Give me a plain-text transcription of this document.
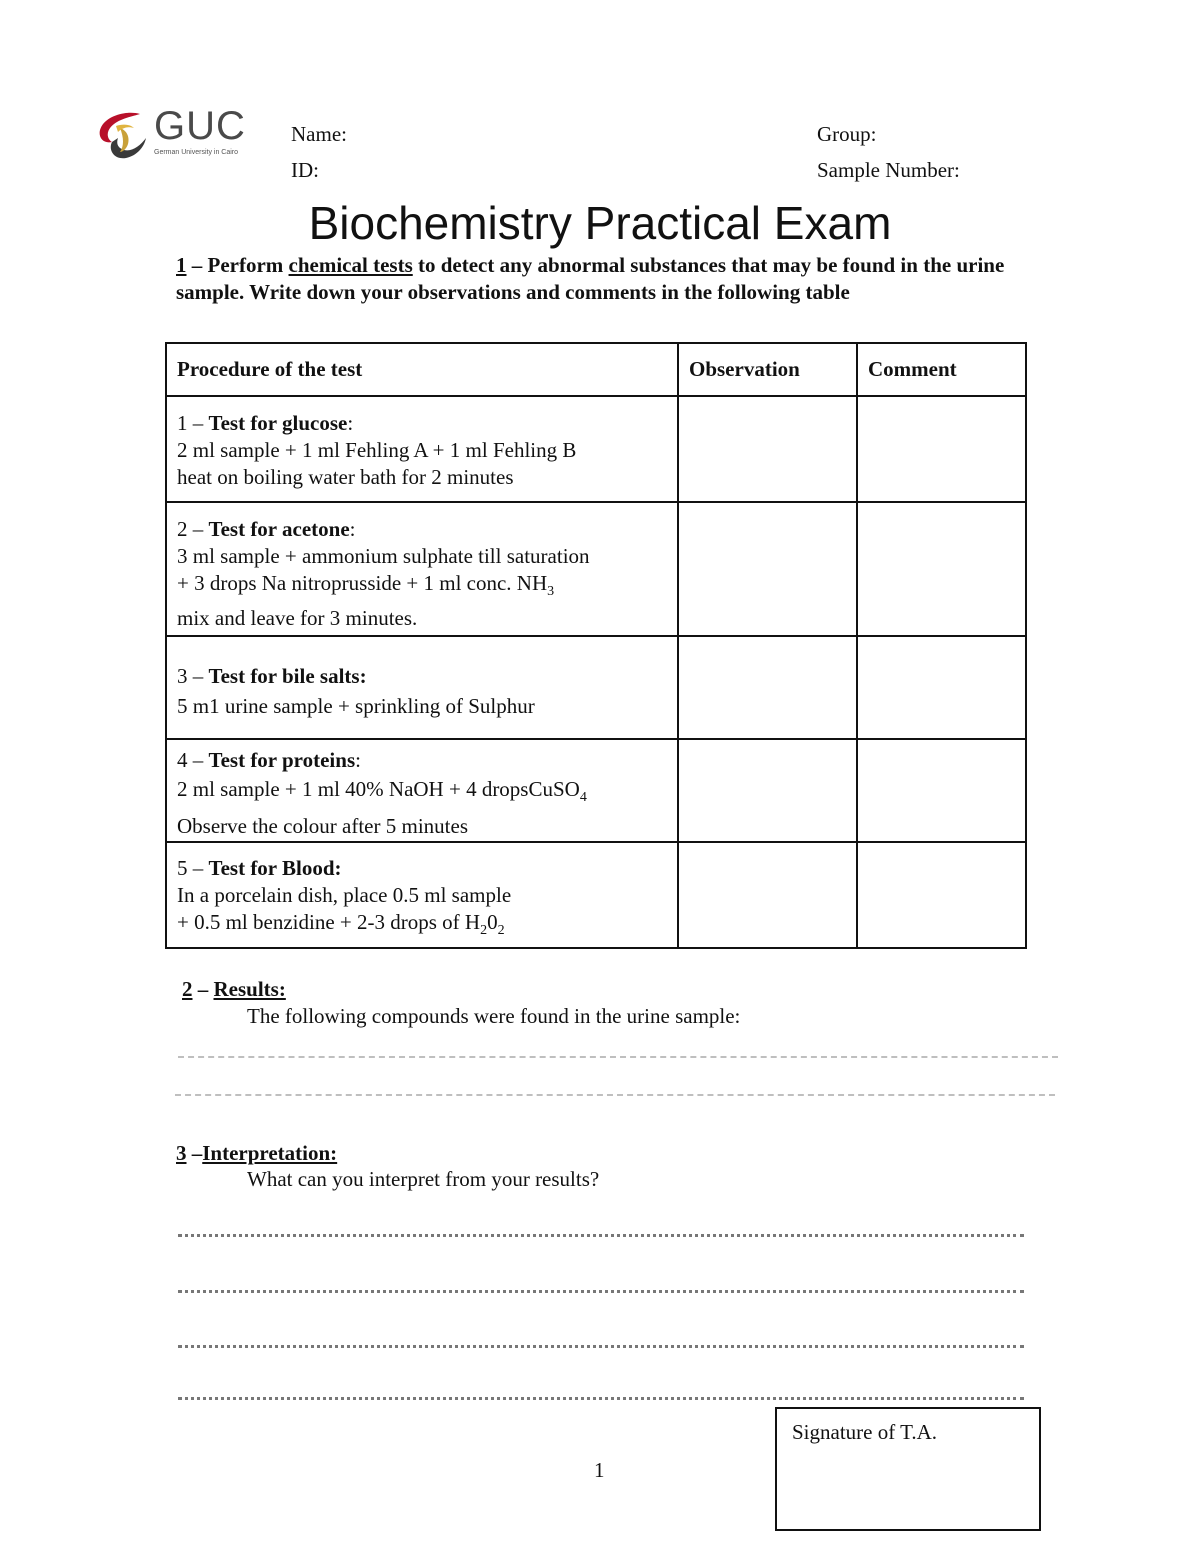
GUC
German University in Cairo
Name:
ID:
Group:
Sample Number:
Biochemistry Practical Exam
1 – Perform chemical tests to detect any abnormal substances that may be found in the urine sample. Write down your observations and comments in the following table
Procedure of the test	Observation	Comment

1 – Test for glucose:
2 ml sample + 1 ml Fehling A + 1 ml Fehling B
heat on boiling water bath for 2 minutes		

2 – Test for acetone:
3 ml sample + ammonium sulphate till saturation
+ 3 drops Na nitroprusside + 1 ml conc. $NH_3$
mix and leave for 3 minutes.		

3 – Test for bile salts:
5 m1 urine sample + sprinkling of Sulphur		

4 – Test for proteins:
2 ml sample + 1 ml 40% NaOH + 4 dropsCuSO$_4$
Observe the colour after 5 minutes		

5 – Test for Blood:
In a porcelain dish, place 0.5 ml sample
+ 0.5 ml benzidine + 2-3 drops of $H_20_2$

2 – Results:
The following compounds were found in the urine sample:
3 –Interpretation:
What can you interpret from your results?
1
Signature of T.A.
